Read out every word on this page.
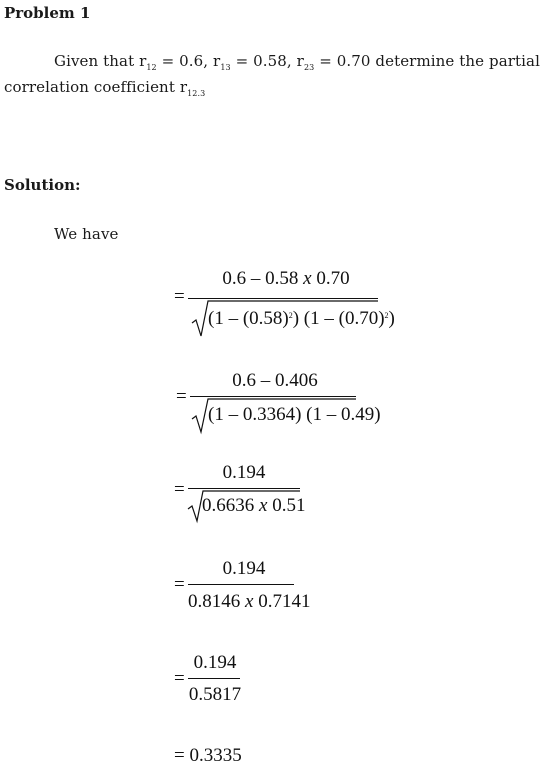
Problem 1
Given that $r_{12} = 0.6$, $r_{13} = 0.58$, $r_{23} = 0.70$ determine the partial
correlation coefficient $r_{12.3}$
Solution:
We have
=
0.6 – 0.58 x 0.70
$(1 - (0.58)^2)$ $(1 - (0.70)^2)$
=
0.6 – 0.406
(1 – 0.3364) (1 – 0.49)
=
0.194
0.6636 x 0.51
=
0.194
0.8146 x 0.7141
=
0.194
0.5817
= 0.3335
